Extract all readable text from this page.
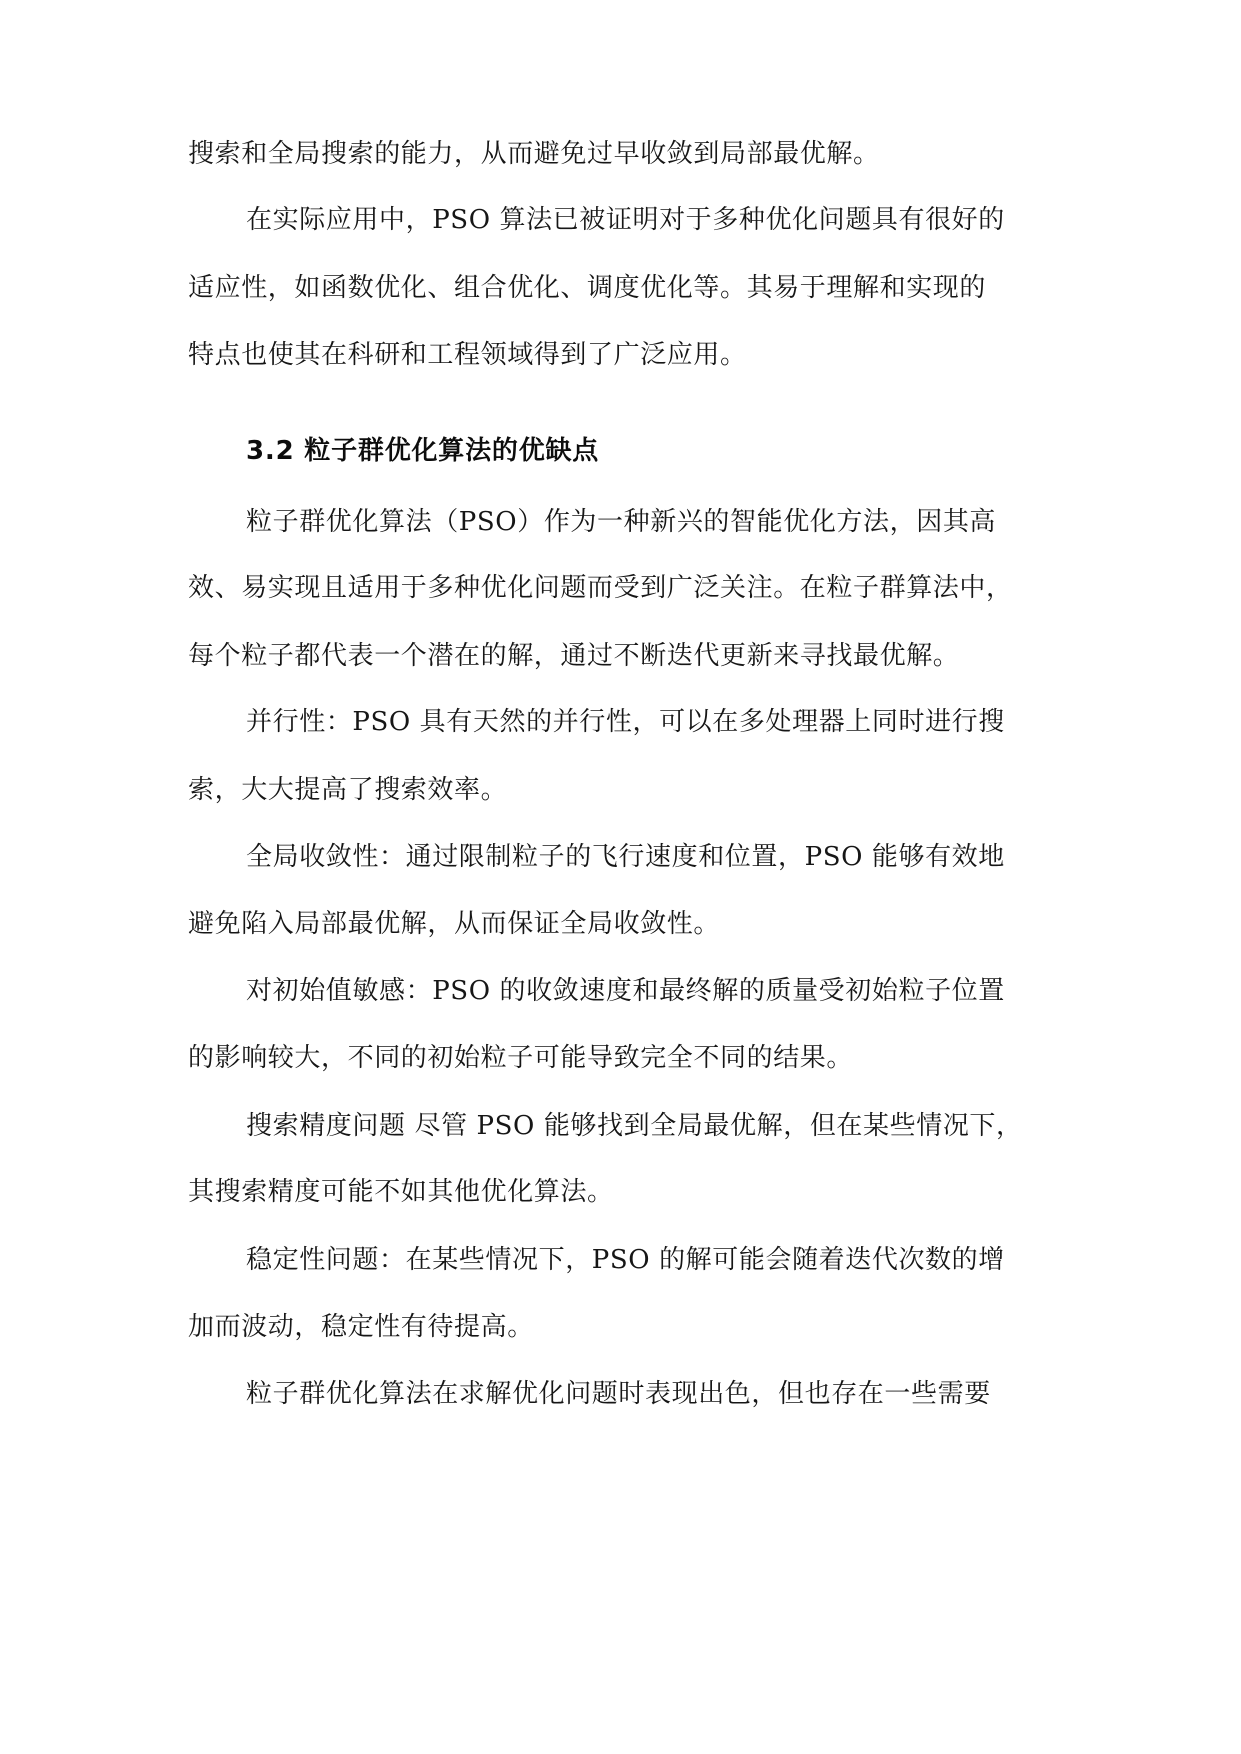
搜索和全局搜索的能力，从而避免过早收敛到局部最优解。
在实际应用中，PSO 算法已被证明对于多种优化问题具有很好的
适应性，如函数优化、组合优化、调度优化等。其易于理解和实现的
特点也使其在科研和工程领域得到了广泛应用。
3.2 粒子群优化算法的优缺点
粒子群优化算法（PSO）作为一种新兴的智能优化方法，因其高
效、易实现且适用于多种优化问题而受到广泛关注。在粒子群算法中，
每个粒子都代表一个潜在的解，通过不断迭代更新来寻找最优解。
并行性：PSO 具有天然的并行性，可以在多处理器上同时进行搜
索，大大提高了搜索效率。
全局收敛性：通过限制粒子的飞行速度和位置，PSO 能够有效地
避免陷入局部最优解，从而保证全局收敛性。
对初始值敏感：PSO 的收敛速度和最终解的质量受初始粒子位置
的影响较大，不同的初始粒子可能导致完全不同的结果。
搜索精度问题 尽管 PSO 能够找到全局最优解，但在某些情况下，
其搜索精度可能不如其他优化算法。
稳定性问题：在某些情况下，PSO 的解可能会随着迭代次数的增
加而波动，稳定性有待提高。
粒子群优化算法在求解优化问题时表现出色，但也存在一些需要
